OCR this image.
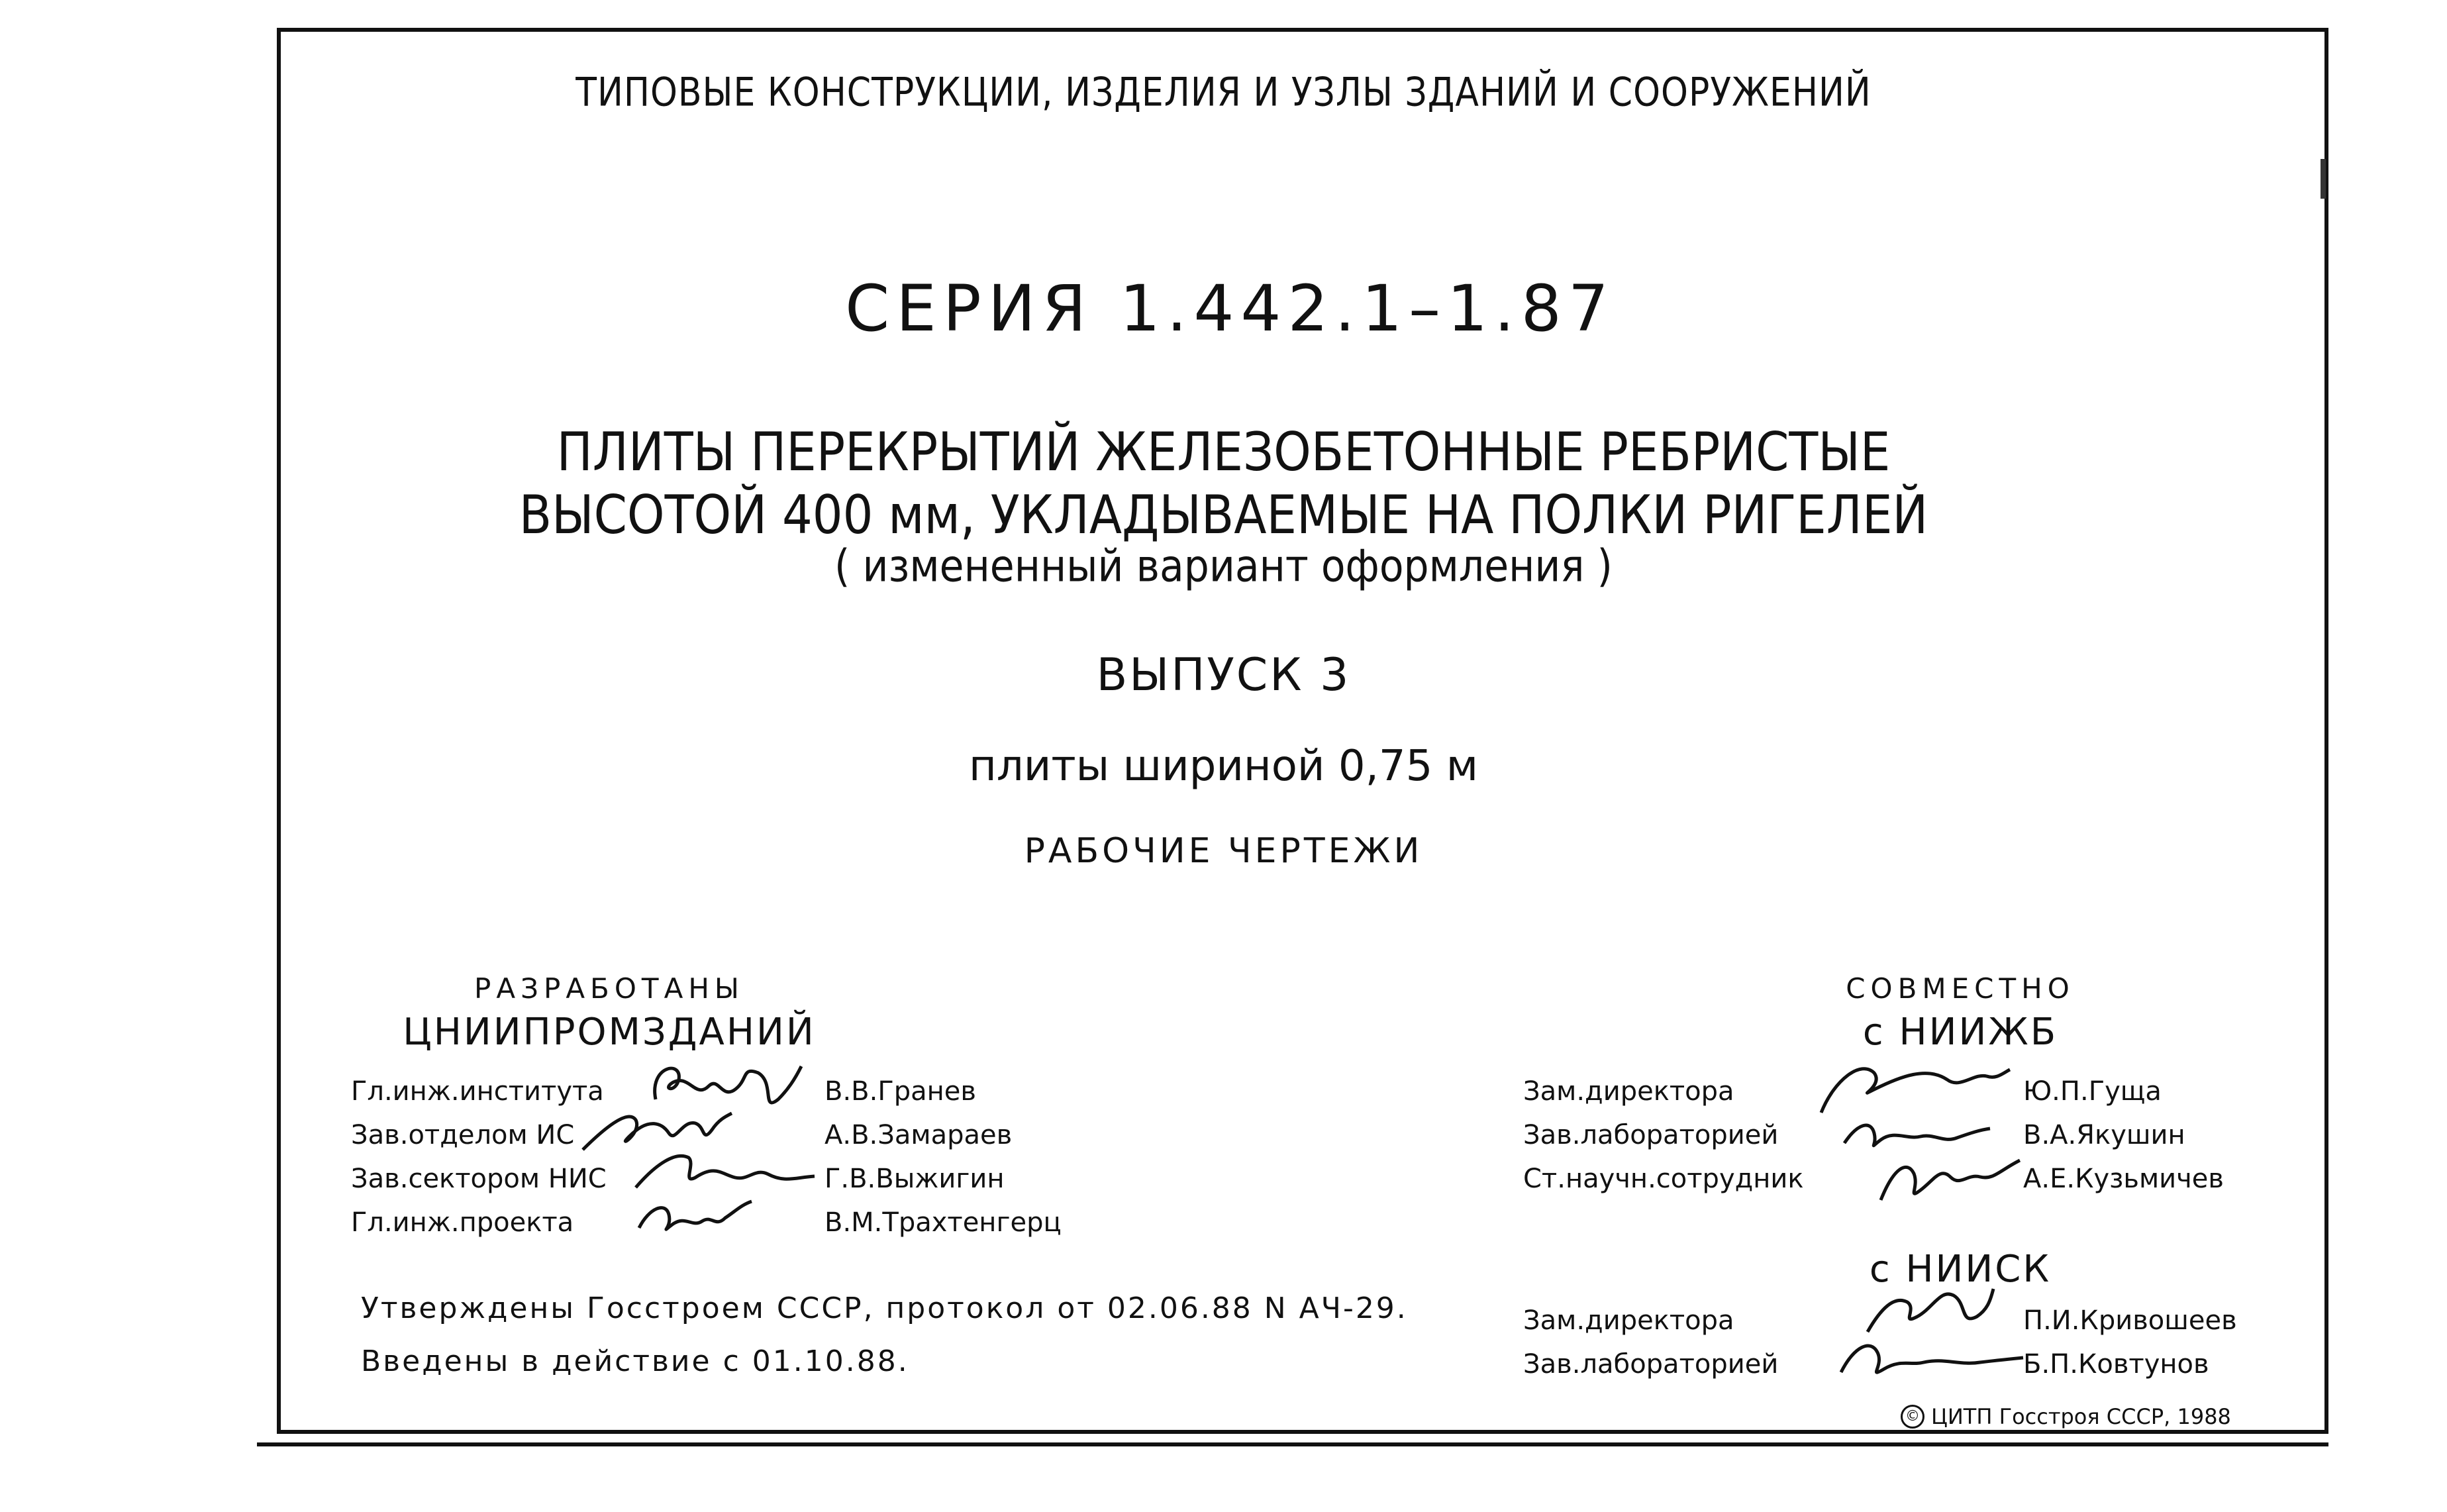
ТИПОВЫЕ КОНСТРУКЦИИ, ИЗДЕЛИЯ И УЗЛЫ ЗДАНИЙ И СООРУЖЕНИЙ
СЕРИЯ 1.442.1–1.87
ПЛИТЫ ПЕРЕКРЫТИЙ ЖЕЛЕЗОБЕТОННЫЕ РЕБРИСТЫЕ
ВЫСОТОЙ 400 мм, УКЛАДЫВАЕМЫЕ НА ПОЛКИ РИГЕЛЕЙ
( измененный вариант оформления )
ВЫПУСК 3
плиты шириной 0,75 м
РАБОЧИЕ ЧЕРТЕЖИ
РАЗРАБОТАНЫ
ЦНИИПРОМЗДАНИЙ
Гл.инж.института	В.В.Гранев
Зав.отделом ИС	А.В.Замараев
Зав.сектором НИС	Г.В.Выжигин
Гл.инж.проекта	В.М.Трахтенгерц
СОВМЕСТНО
с НИИЖБ
Зам.директора	Ю.П.Гуща
Зав.лабораторией	В.А.Якушин
Ст.научн.сотрудник	А.Е.Кузьмичев
с НИИСК
Зам.директора	П.И.Кривошеев
Зав.лабораторией	Б.П.Ковтунов
Утверждены Госстроем СССР, протокол от 02.06.88 N АЧ-29.
Введены в действие с 01.10.88.
© ЦИТП Госстроя СССР, 1988
